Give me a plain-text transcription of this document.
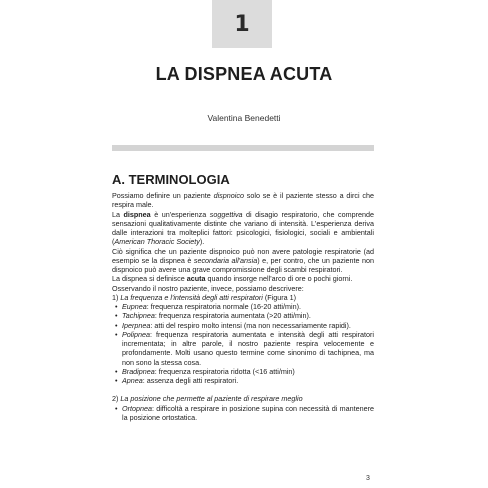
1
LA DISPNEA ACUTA
Valentina Benedetti
A. TERMINOLOGIA

Possiamo definire un paziente dispnoico solo se è il paziente stesso a dirci che respira male.

La dispnea è un'esperienza soggettiva di disagio respiratorio, che comprende sensazioni qualitativamente distinte che variano di intensità. L'esperienza deriva dalle interazioni tra molteplici fattori: psicologici, fisiologici, sociali e ambientali (American Thoracic Society).

Ciò significa che un paziente dispnoico può non avere patologie respiratorie (ad esempio se la dispnea è secondaria all'ansia) e, per contro, che un paziente non dispnoico può avere una grave compromissione degli scambi respiratori.

La dispnea si definisce acuta quando insorge nell'arco di ore o pochi giorni.

Osservando il nostro paziente, invece, possiamo descrivere:

1) La frequenza e l'intensità degli atti respiratori (Figura 1)

• Eupnea: frequenza respiratoria normale (16-20 atti/min).
• Tachipnea: frequenza respiratoria aumentata (>20 atti/min).
• Iperpnea: atti del respiro molto intensi (ma non necessariamente rapidi).
• Polipnea: frequenza respiratoria aumentata e intensità degli atti respiratori incrementata; in altre parole, il nostro paziente respira velocemente e profondamente. Molti usano questo termine come sinonimo di tachipnea, ma non sono la stessa cosa.
• Bradipnea: frequenza respiratoria ridotta (<16 atti/min)
• Apnea: assenza degli atti respiratori.

2) La posizione che permette al paziente di respirare meglio

• Ortopnea: difficoltà a respirare in posizione supina con necessità di mantenere la posizione ortostatica.
3
